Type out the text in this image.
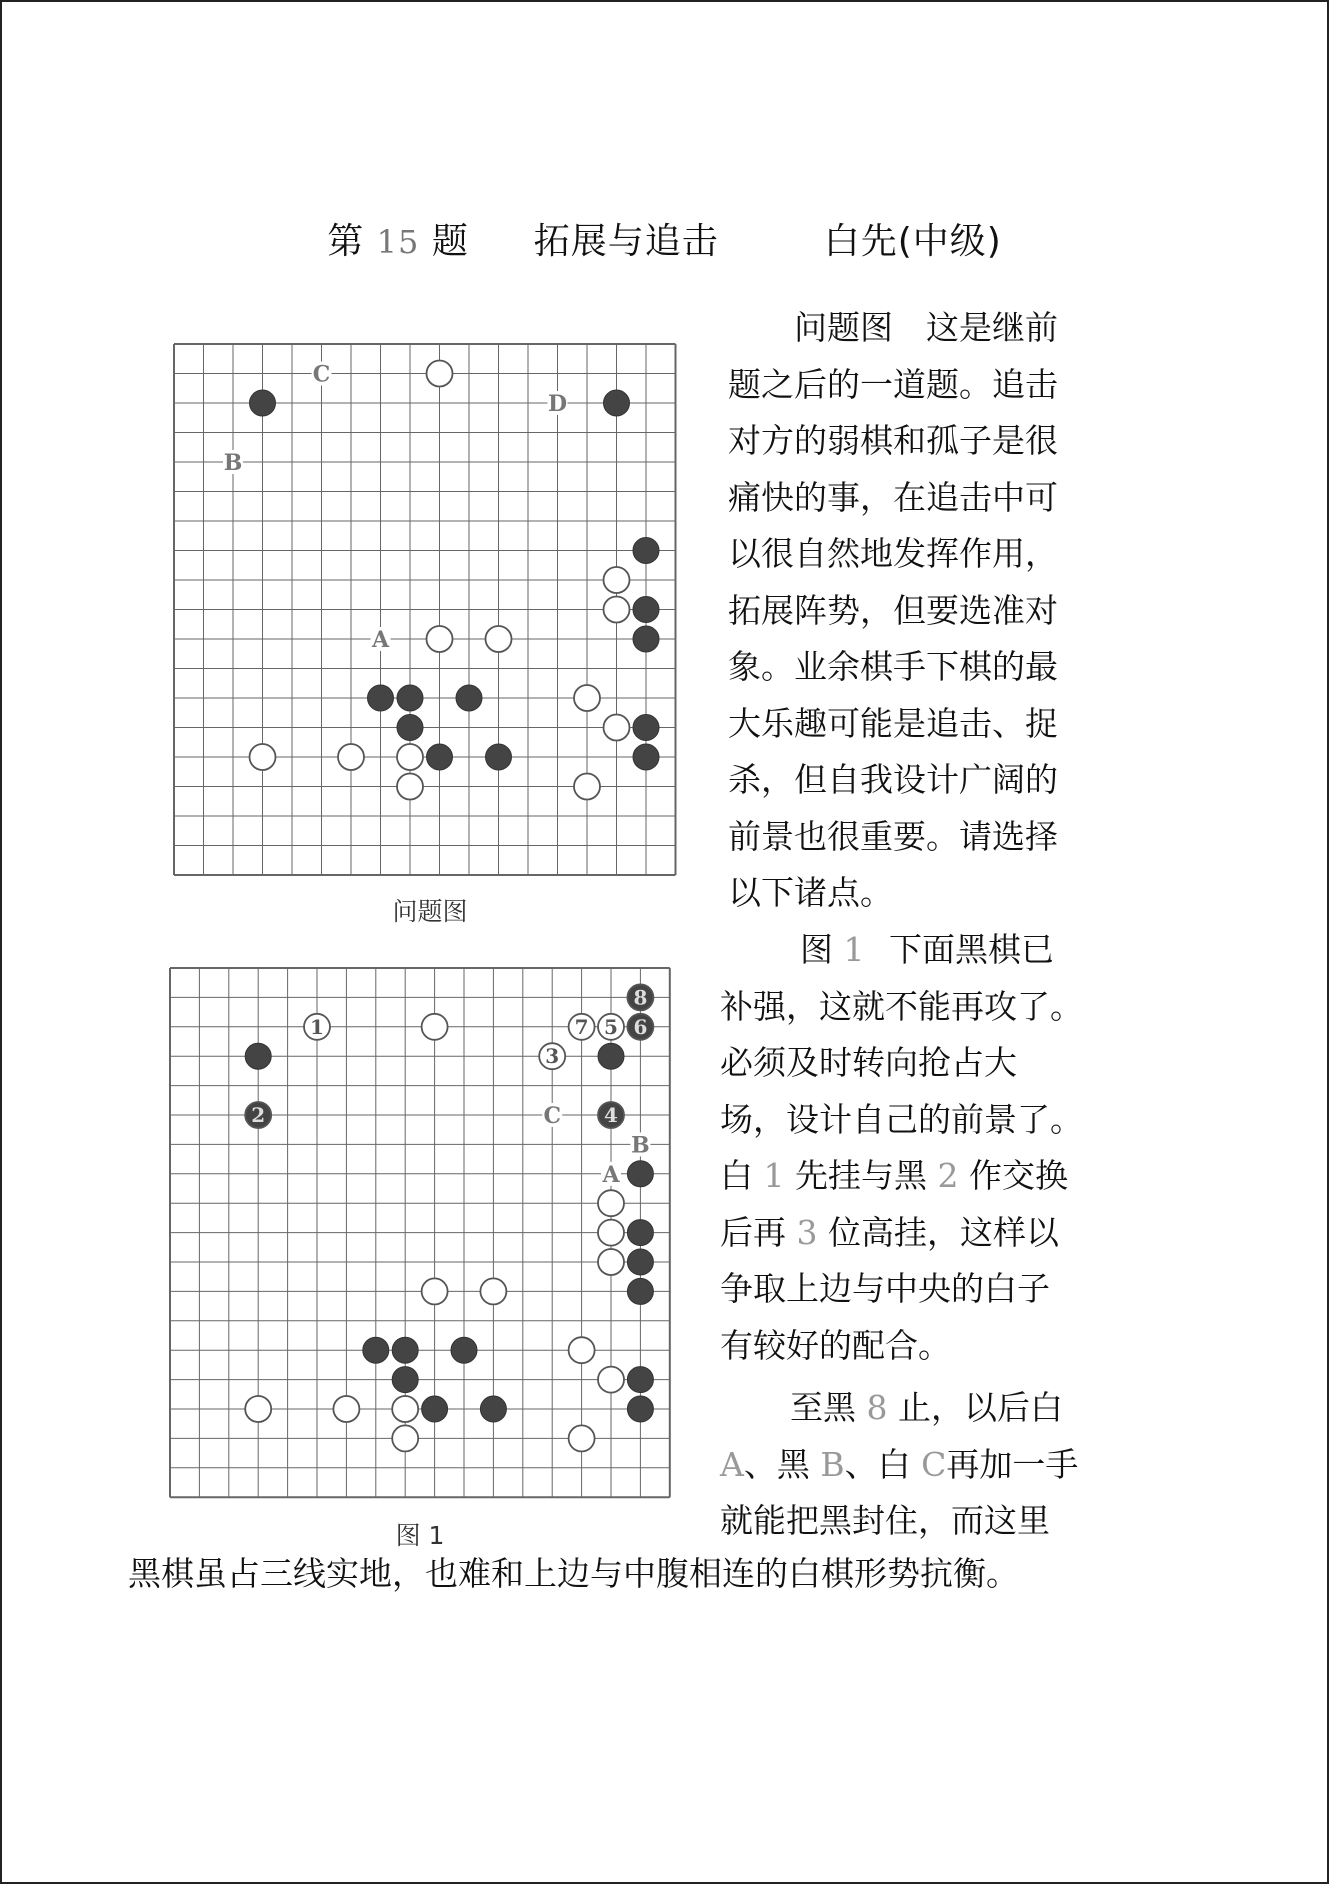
第 15 题 拓展与追击	白先(中级)
C
D
B
A
问题图
C
B
A
1
2
3
4
5 6
7
8
图 1
　　问题图　这是继前
题之后的一道题。追击
对方的弱棋和孤子是很
痛快的事，在追击中可
以很自然地发挥作用，
拓展阵势，但要选准对
象。业余棋手下棋的最
大乐趣可能是追击、捉
杀，但自我设计广阔的
前景也很重要。请选择
以下诸点。
图 1 下面黑棋已
补强，这就不能再攻了。
必须及时转向抢占大
场，设计自己的前景了。
白 1 先挂与黑 2 作交换
后再 3 位高挂，这样以
争取上边与中央的白子
有较好的配合。
至黑 8 止，以后白
A、黑 B、白 C再加一手
就能把黑封住，而这里
黑棋虽占三线实地，也难和上边与中腹相连的白棋形势抗衡。
